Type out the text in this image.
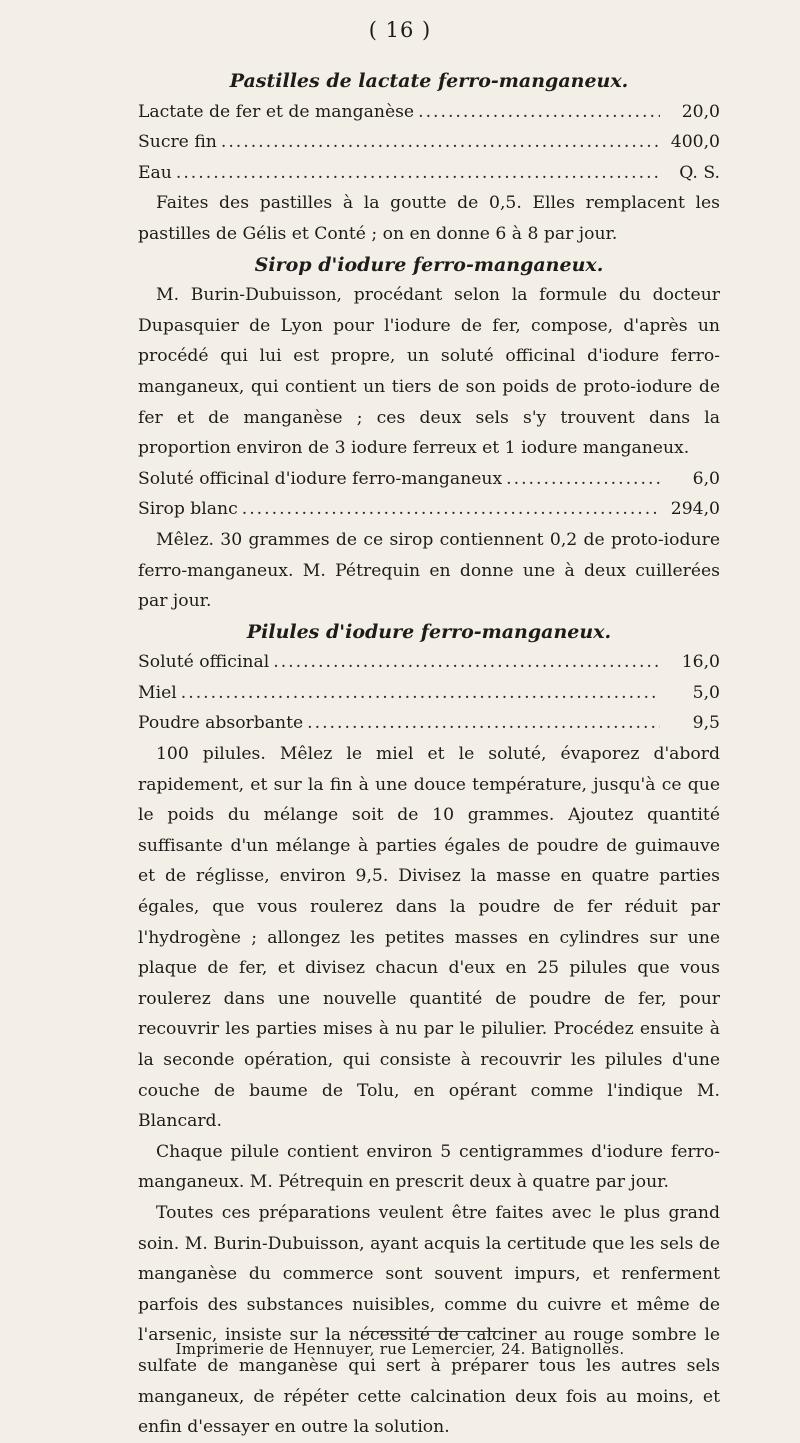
( 16 )
Pastilles de lactate ferro-manganeux.
Lactate de fer et de manganèse .....	20,0
Sucre fin .....	400,0
Eau .....	Q. S.

Faites des pastilles à la goutte de 0,5. Elles remplacent les pastilles de Gélis et Conté ; on en donne 6 à 8 par jour.

Sirop d'iodure ferro-manganeux.

M. Burin-Dubuisson, procédant selon la formule du docteur Dupasquier de Lyon pour l'iodure de fer, compose, d'après un procédé qui lui est propre, un soluté officinal d'iodure ferro-manganeux, qui contient un tiers de son poids de proto-iodure de fer et de manganèse ; ces deux sels s'y trouvent dans la proportion environ de 3 iodure ferreux et 1 iodure manganeux.

Soluté officinal d'iodure ferro-manganeux .....	6,0
Sirop blanc .....	294,0

Mêlez. 30 grammes de ce sirop contiennent 0,2 de proto-iodure ferro-manganeux. M. Pétrequin en donne une à deux cuillerées par jour.

Pilules d'iodure ferro-manganeux.
Soluté officinal .....	16,0
Miel .....	5,0
Poudre absorbante .....	9,5

100 pilules. Mêlez le miel et le soluté, évaporez d'abord rapidement, et sur la fin à une douce température, jusqu'à ce que le poids du mélange soit de 10 grammes. Ajoutez quantité suffisante d'un mélange à parties égales de poudre de guimauve et de réglisse, environ 9,5. Divisez la masse en quatre parties égales, que vous roulerez dans la poudre de fer réduit par l'hydrogène ; allongez les petites masses en cylindres sur une plaque de fer, et divisez chacun d'eux en 25 pilules que vous roulerez dans une nouvelle quantité de poudre de fer, pour recouvrir les parties mises à nu par le pilulier. Procédez ensuite à la seconde opération, qui consiste à recouvrir les pilules d'une couche de baume de Tolu, en opérant comme l'indique M. Blancard.

Chaque pilule contient environ 5 centigrammes d'iodure ferro-manganeux. M. Pétrequin en prescrit deux à quatre par jour.

Toutes ces préparations veulent être faites avec le plus grand soin. M. Burin-Dubuisson, ayant acquis la certitude que les sels de manganèse du commerce sont souvent impurs, et renferment parfois des substances nuisibles, comme du cuivre et même de l'arsenic, insiste sur la nécessité de calciner au rouge sombre le sulfate de manganèse qui sert à préparer tous les autres sels manganeux, de répéter cette calcination deux fois au moins, et enfin d'essayer en outre la solution.

Imprimerie de Hennuyer, rue Lemercier, 24. Batignolles.
